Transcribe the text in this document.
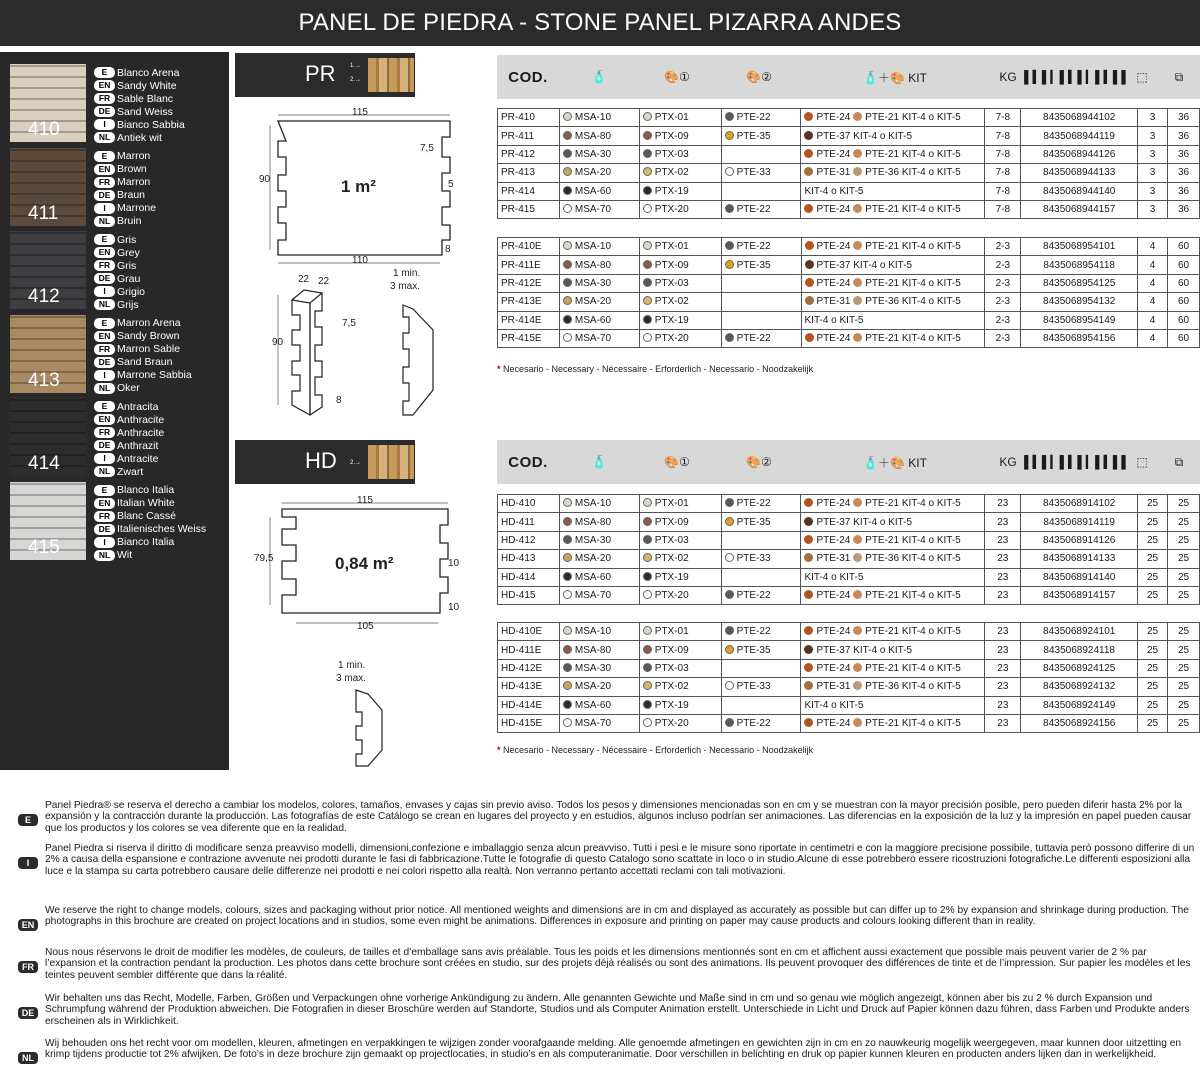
PANEL DE PIEDRA - STONE PANEL PIZARRA ANDES
410
E Blanco Arena
EN Sandy White
FR Sable Blanc
DE Sand Weiss
I	Bianco Sabbia
NL Antiek wit
411
E Marron
EN Brown
FR Marron
DE Braun
I	Marrone
NL Bruin
412
E Gris
EN Grey
FR Gris
DE Grau
I	Grigio
NL Grijs
413
E Marron Arena
EN Sandy Brown
FR Marron Sable
DE Sand Braun
I	Marrone Sabbia
NL Oker
414
E Antracita
EN Anthracite
FR Anthracite
DE Anthrazit
I	Antracite
NL Zwart
415
E Blanco Italia
EN Italian White
FR Blanc Cassé
DE Italienisches Weiss
I	Bianco Italia
NL Wit
PR 1.→
2.→
115
90
7,5
5
8
110
1 m²
22 22
90
7,5
8
1 min.
3 max.
HD 2.→
115
79,5	10
10
105
0,84 m²
1 min.
3 max.
COD.	🧴	🎨①	🎨②	🧴＋🎨 KIT	KG ▌▍▌▎▌▍▌▎▌▍▌▌ ⬚	⧉
COD.	🧴	🎨①	🎨②	🧴＋🎨 KIT	KG ▌▍▌▎▌▍▌▎▌▍▌▌ ⬚	⧉
PR-410	MSA-10	PTX-01	PTE-22	PTE-24 PTE-21 KIT-4 o KIT-5	7-8	8435068944102	3	36
PR-411	MSA-80	PTX-09	PTE-35	PTE-37 KIT-4 o KIT-5	7-8	8435068944119	3	36
PR-412	MSA-30	PTX-03		PTE-24 PTE-21 KIT-4 o KIT-5	7-8	8435068944126	3	36
PR-413	MSA-20	PTX-02	PTE-33	PTE-31 PTE-36 KIT-4 o KIT-5	7-8	8435068944133	3	36
PR-414	MSA-60	PTX-19		KIT-4 o KIT-5	7-8	8435068944140	3	36
PR-415	MSA-70	PTX-20	PTE-22	PTE-24 PTE-21 KIT-4 o KIT-5	7-8	8435068944157	3	36
PR-410E	MSA-10	PTX-01	PTE-22	PTE-24 PTE-21 KIT-4 o KIT-5	2-3	8435068954101	4	60
PR-411E	MSA-80	PTX-09	PTE-35	PTE-37 KIT-4 o KIT-5	2-3	8435068954118	4	60
PR-412E	MSA-30	PTX-03		PTE-24 PTE-21 KIT-4 o KIT-5	2-3	8435068954125	4	60
PR-413E	MSA-20	PTX-02		PTE-31 PTE-36 KIT-4 o KIT-5	2-3	8435068954132	4	60
PR-414E	MSA-60	PTX-19		KIT-4 o KIT-5	2-3	8435068954149	4	60
PR-415E	MSA-70	PTX-20	PTE-22	PTE-24 PTE-21 KIT-4 o KIT-5	2-3	8435068954156	4	60
HD-410	MSA-10	PTX-01	PTE-22	PTE-24 PTE-21 KIT-4 o KIT-5	23	8435068914102	25	25
HD-411	MSA-80	PTX-09	PTE-35	PTE-37 KIT-4 o KIT-5	23	8435068914119	25	25
HD-412	MSA-30	PTX-03		PTE-24 PTE-21 KIT-4 o KIT-5	23	8435068914126	25	25
HD-413	MSA-20	PTX-02	PTE-33	PTE-31 PTE-36 KIT-4 o KIT-5	23	8435068914133	25	25
HD-414	MSA-60	PTX-19		KIT-4 o KIT-5	23	8435068914140	25	25
HD-415	MSA-70	PTX-20	PTE-22	PTE-24 PTE-21 KIT-4 o KIT-5	23	8435068914157	25	25
HD-410E	MSA-10	PTX-01	PTE-22	PTE-24 PTE-21 KIT-4 o KIT-5	23	8435068924101	25	25
HD-411E	MSA-80	PTX-09	PTE-35	PTE-37 KIT-4 o KIT-5	23	8435068924118	25	25
HD-412E	MSA-30	PTX-03		PTE-24 PTE-21 KIT-4 o KIT-5	23	8435068924125	25	25
HD-413E	MSA-20	PTX-02	PTE-33	PTE-31 PTE-36 KIT-4 o KIT-5	23	8435068924132	25	25
HD-414E	MSA-60	PTX-19		KIT-4 o KIT-5	23	8435068924149	25	25
HD-415E	MSA-70	PTX-20	PTE-22	PTE-24 PTE-21 KIT-4 o KIT-5	23	8435068924156	25	25
* Necesario - Necessary - Nécessaire - Erforderlich - Necessario - Noodzakelijk
* Necesario - Necessary - Nécessaire - Erforderlich - Necessario - Noodzakelijk
E
Panel Piedra® se reserva el derecho a cambiar los modelos, colores, tamaños, envases y cajas sin previo aviso. Todos los pesos y dimensiones mencionadas son en cm y se muestran con la mayor precisión posible, pero pueden diferir hasta 2% por la expansión y la contracción durante la producción. Las fotografías de este Catálogo se crean en lugares del proyecto y en estudios, algunos incluso podrían ser animaciones. Las diferencias en la exposición de la luz y la impresión en papel pueden causar que los productos y los colores se vea diferente que en la realidad.
I
Panel Piedra si riserva il diritto di modificare senza preavviso modelli, dimensioni,confezione e imballaggio senza alcun preavviso. Tutti i pesi e le misure sono riportate in centimetri e con la maggiore precisione possibile, tuttavia però possono differire di un 2% a causa della espansione e contrazione avvenute nei prodotti durante le fasi di fabbricazione.Tutte le fotografie di questo Catalogo sono scattate in loco o in studio.Alcune di esse potrebbero essere ricostruzioni fotografiche.Le differenti esposizioni alla luce e la stampa su carta potrebbero causare delle differenze nei prodotti e nei colori rispetto alla realtà. Non verranno pertanto accettati reclami con tali motivazioni.
EN
We reserve the right to change models, colours, sizes and packaging without prior notice. All mentioned weights and dimensions are in cm and displayed as accurately as possible but can differ up to 2% by expansion and shrinkage during production. The photographs in this brochure are created on project locations and in studios, some even might be animations. Differences in exposure and printing on paper may cause products and colours looking different than in reality.
FR
Nous nous réservons le droit de modifier les modèles, de couleurs, de tailles et d’emballage sans avis préalable. Tous les poids et les dimensions mentionnés sont en cm et affichent aussi exactement que possible mais peuvent varier de 2 % par l’expansion et la contraction pendant la production. Les photos dans cette brochure sont créées en studio, sur des projets déjà réalisés ou sont des animations. Ils peuvent provoquer des différences de tinte et de l’impression. Sur papier les modèles et les teintes peuvent sembler différente que dans la réalité.
DE
Wir behalten uns das Recht, Modelle, Farben, Größen und Verpackungen ohne vorherige Ankündigung zu ändern. Alle genannten Gewichte und Maße sind in cm und so genau wie möglich angezeigt, können aber bis zu 2 % durch Expansion und Schrumpfung während der Produktion abweichen. Die Fotografien in dieser Broschüre werden auf Standorte, Studios und als Computer Animation erstellt. Unterschiede in Licht und Druck auf Papier können dazu führen, dass Farben und Produkte anders erscheinen als in Wirklichkeit.
NL
Wij behouden ons het recht voor om modellen, kleuren, afmetingen en verpakkingen te wijzigen zonder voorafgaande melding. Alle genoemde afmetingen en gewichten zijn in cm en zo nauwkeurig mogelijk weergegeven, maar kunnen door uitzetting en krimp tijdens productie tot 2% afwijken. De foto’s in deze brochure zijn gemaakt op projectlocaties, in studio’s en als computeranimatie. Door verschillen in belichting en druk op papier kunnen kleuren en producten anders lijken dan in werkelijkheid.
